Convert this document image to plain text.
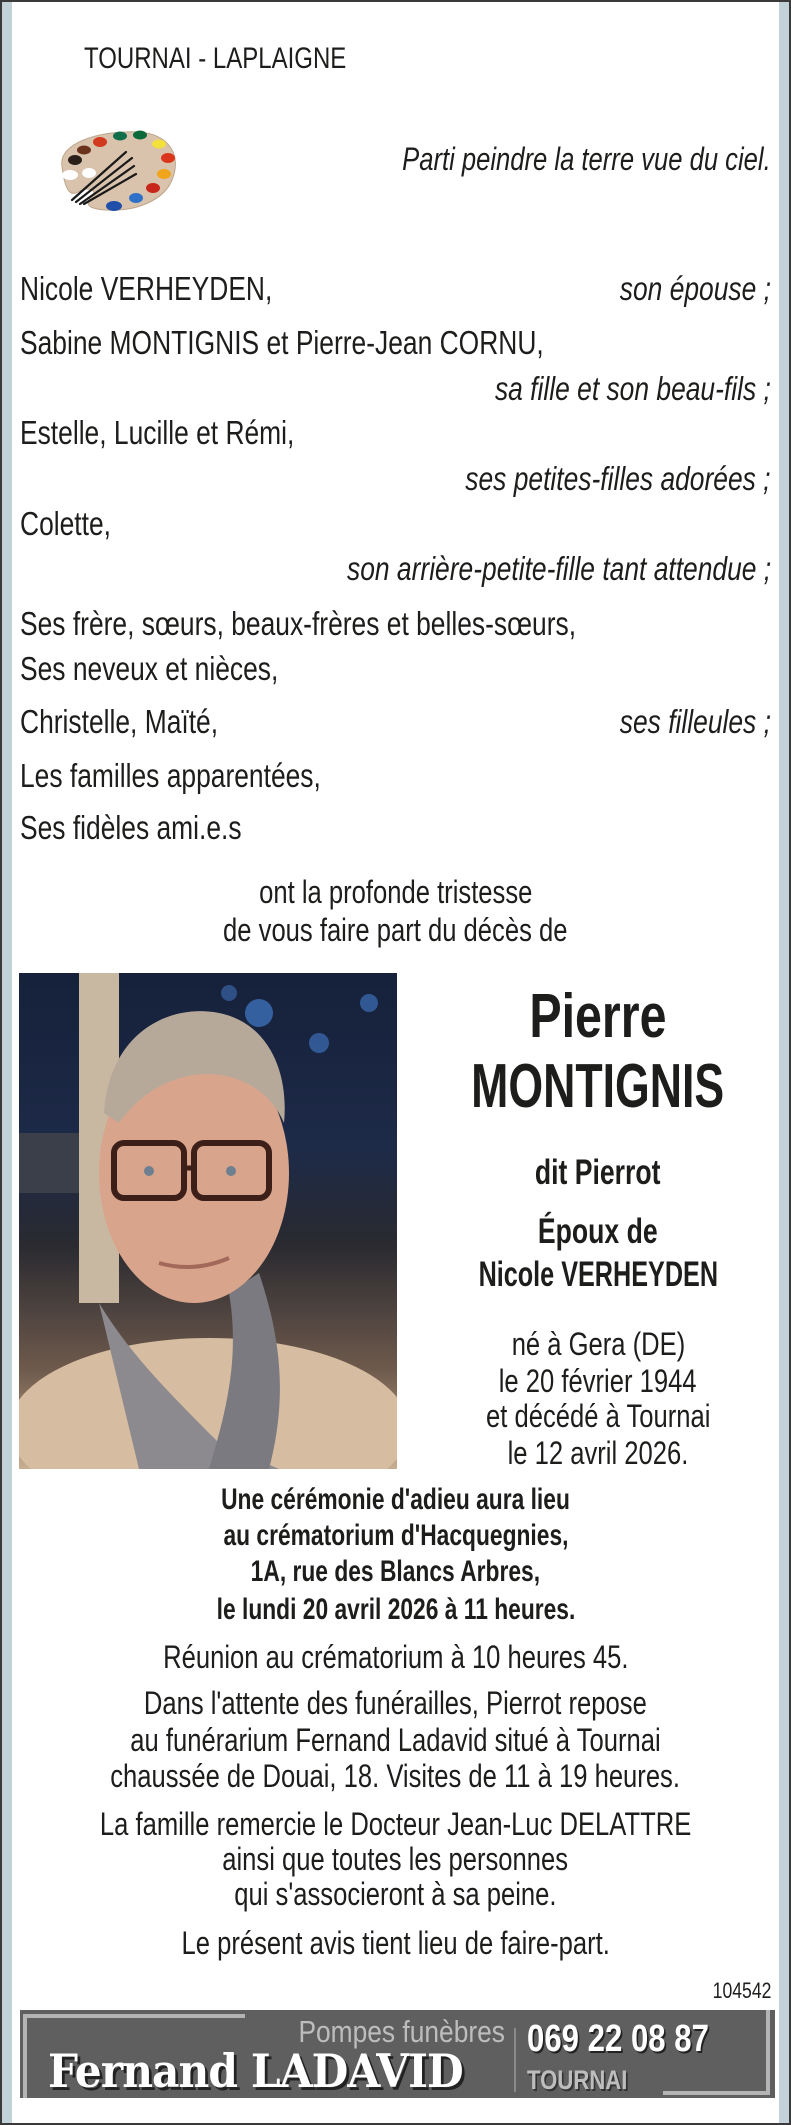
TOURNAI - LAPLAIGNE
Parti peindre la terre vue du ciel.
Nicole VERHEYDEN,	son épouse ;
Sabine MONTIGNIS et Pierre-Jean CORNU,
sa fille et son beau-fils ;
Estelle, Lucille et Rémi,
ses petites-filles adorées ;
Colette,
son arrière-petite-fille tant attendue ;
Ses frère, sœurs, beaux-frères et belles-sœurs,
Ses neveux et nièces,
Christelle, Maïté,	ses filleules ;
Les familles apparentées,
Ses fidèles ami.e.s
ont la profonde tristesse
de vous faire part du décès de
Pierre
MONTIGNIS
dit Pierrot
Époux de
Nicole VERHEYDEN
né à Gera (DE)
le 20 février 1944
et décédé à Tournai
le 12 avril 2026.
Une cérémonie d'adieu aura lieu
au crématorium d'Hacquegnies,
1A, rue des Blancs Arbres,
le lundi 20 avril 2026 à 11 heures.
Réunion au crématorium à 10 heures 45.
Dans l'attente des funérailles, Pierrot repose
au funérarium Fernand Ladavid situé à Tournai
chaussée de Douai, 18. Visites de 11 à 19 heures.
La famille remercie le Docteur Jean-Luc DELATTRE
ainsi que toutes les personnes
qui s'associeront à sa peine.
Le présent avis tient lieu de faire-part.
104542
Pompes funèbres
Fernand LADAVID
069 22 08 87
TOURNAI
